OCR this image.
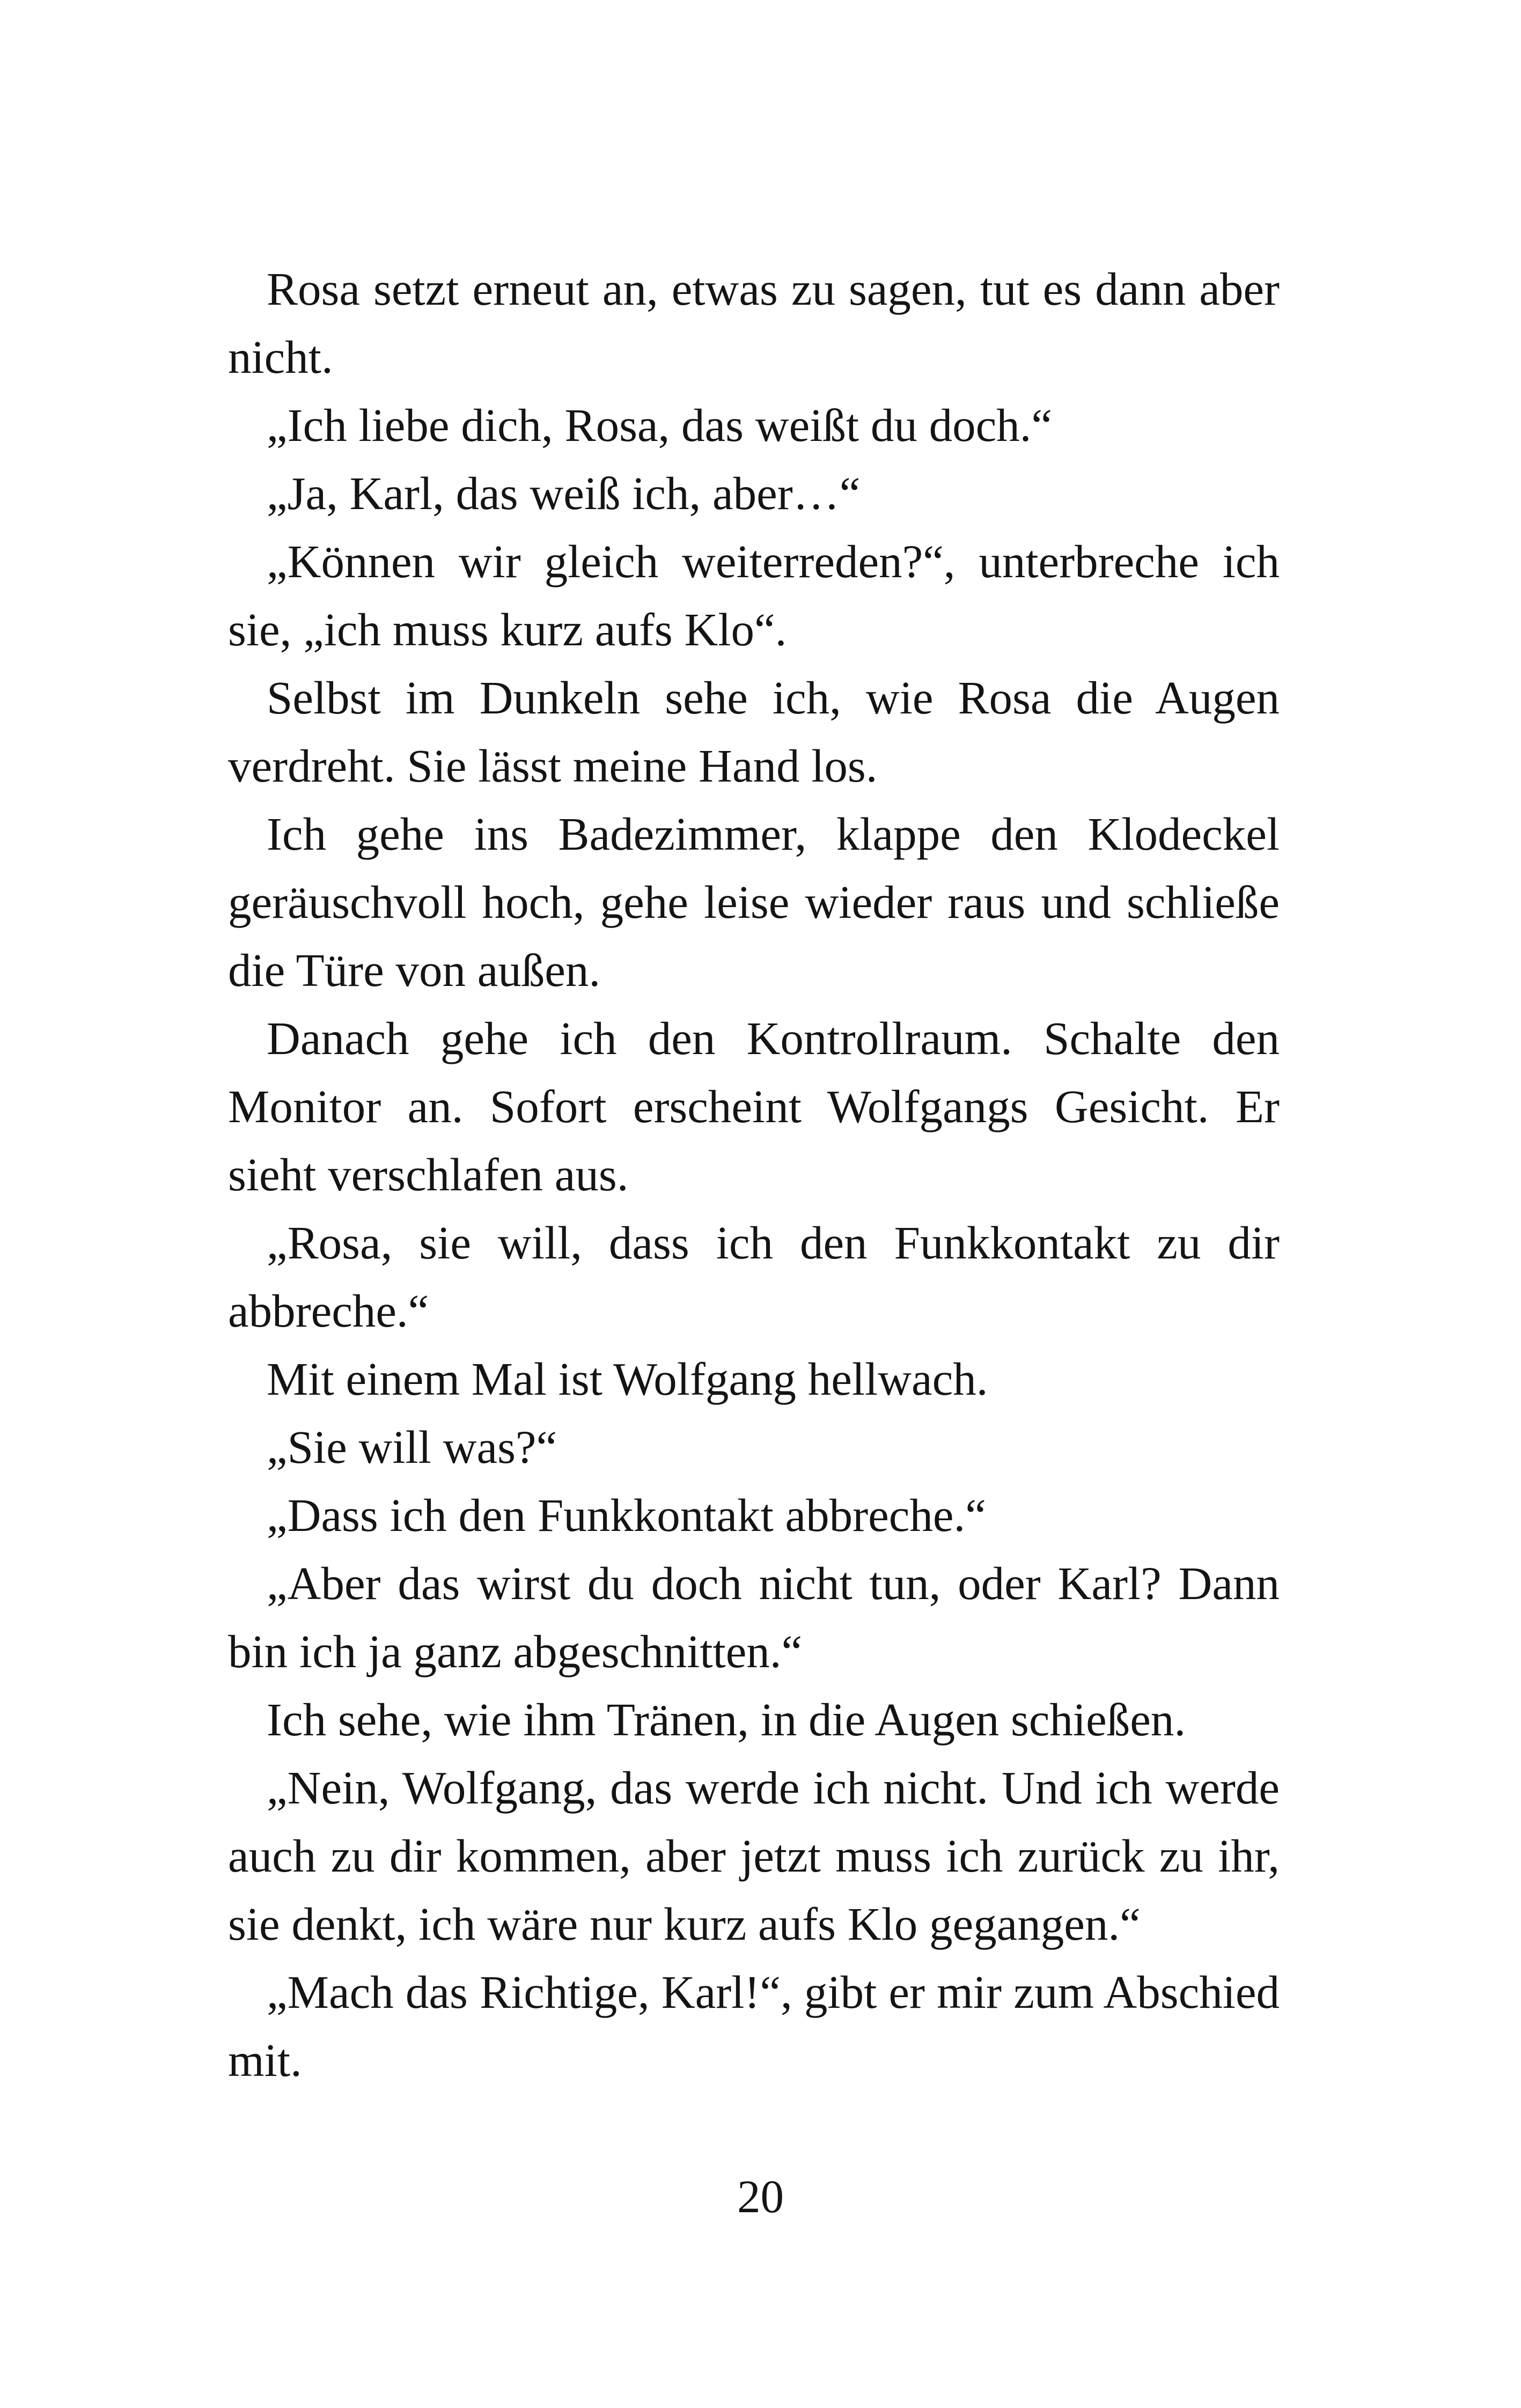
Rosa setzt erneut an, etwas zu sagen, tut es dann aber nicht.

„Ich liebe dich, Rosa, das weißt du doch.“

„Ja, Karl, das weiß ich, aber…“

„Können wir gleich weiterreden?“, unterbreche ich sie, „ich muss kurz aufs Klo“.

Selbst im Dunkeln sehe ich, wie Rosa die Augen verdreht. Sie lässt meine Hand los.

Ich gehe ins Badezimmer, klappe den Klodeckel geräuschvoll hoch, gehe leise wieder raus und schließe die Türe von außen.

Danach gehe ich den Kontrollraum. Schalte den Monitor an. Sofort erscheint Wolfgangs Gesicht. Er sieht verschlafen aus.

„Rosa, sie will, dass ich den Funkkontakt zu dir abbreche.“

Mit einem Mal ist Wolfgang hellwach.

„Sie will was?“

„Dass ich den Funkkontakt abbreche.“

„Aber das wirst du doch nicht tun, oder Karl? Dann bin ich ja ganz abgeschnitten.“

Ich sehe, wie ihm Tränen, in die Augen schießen.

„Nein, Wolfgang, das werde ich nicht. Und ich werde auch zu dir kommen, aber jetzt muss ich zurück zu ihr, sie denkt, ich wäre nur kurz aufs Klo gegangen.“

„Mach das Richtige, Karl!“, gibt er mir zum Abschied mit.

20
